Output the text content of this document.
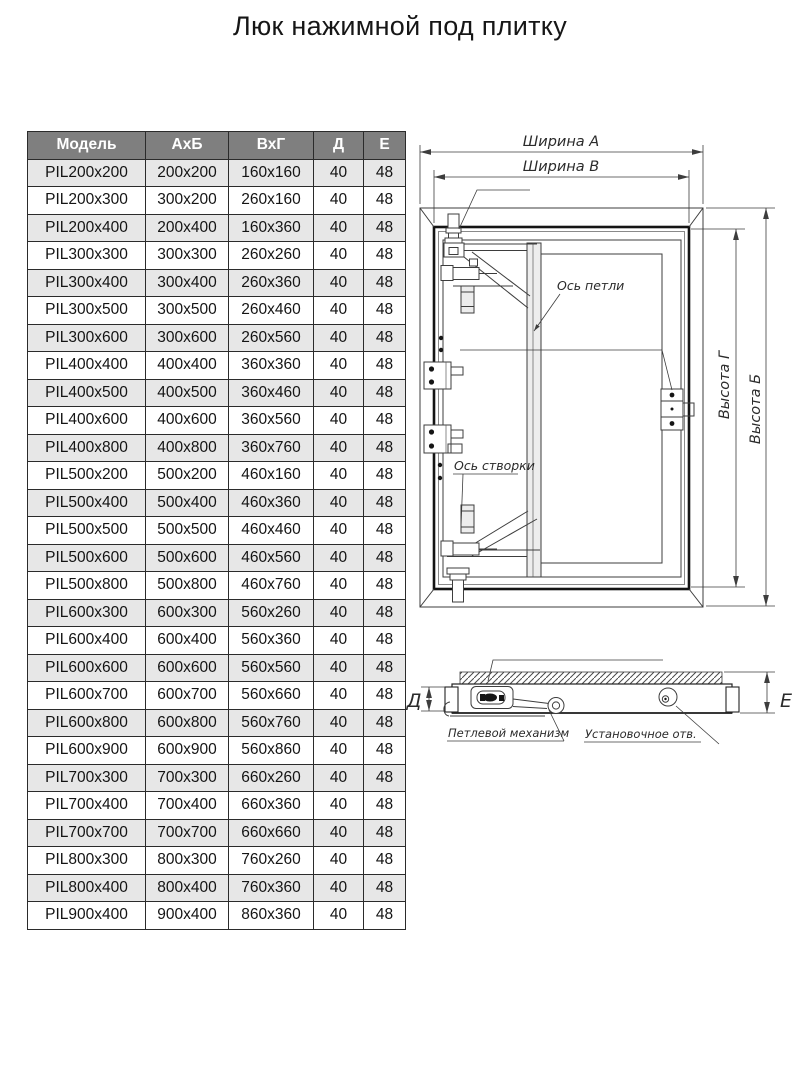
Люк нажимной под плитку
Модель	АхБ	ВхГ	Д	Е
PIL200x200	200x200	160x160	40	48
PIL200x300	300x200	260x160	40	48
PIL200x400	200x400	160x360	40	48
PIL300x300	300x300	260x260	40	48
PIL300x400	300x400	260x360	40	48
PIL300x500	300x500	260x460	40	48
PIL300x600	300x600	260x560	40	48
PIL400x400	400x400	360x360	40	48
PIL400x500	400x500	360x460	40	48
PIL400x600	400x600	360x560	40	48
PIL400x800	400x800	360x760	40	48
PIL500x200	500x200	460x160	40	48
PIL500x400	500x400	460x360	40	48
PIL500x500	500x500	460x460	40	48
PIL500x600	500x600	460x560	40	48
PIL500x800	500x800	460x760	40	48
PIL600x300	600x300	560x260	40	48
PIL600x400	600x400	560x360	40	48
PIL600x600	600x600	560x560	40	48
PIL600x700	600x700	560x660	40	48
PIL600x800	600x800	560x760	40	48
PIL600x900	600x900	560x860	40	48
PIL700x300	700x300	660x260	40	48
PIL700x400	700x400	660x360	40	48
PIL700x700	700x700	660x660	40	48
PIL800x300	800x300	760x260	40	48
PIL800x400	800x400	760x360	40	48
PIL900x400	900x400	860x360	40	48
Ширина А
Ширина В
Высота Г Высота Б
Ось петли
Ось створки
Д	Е
Петлевой механизм Установочное отв.
